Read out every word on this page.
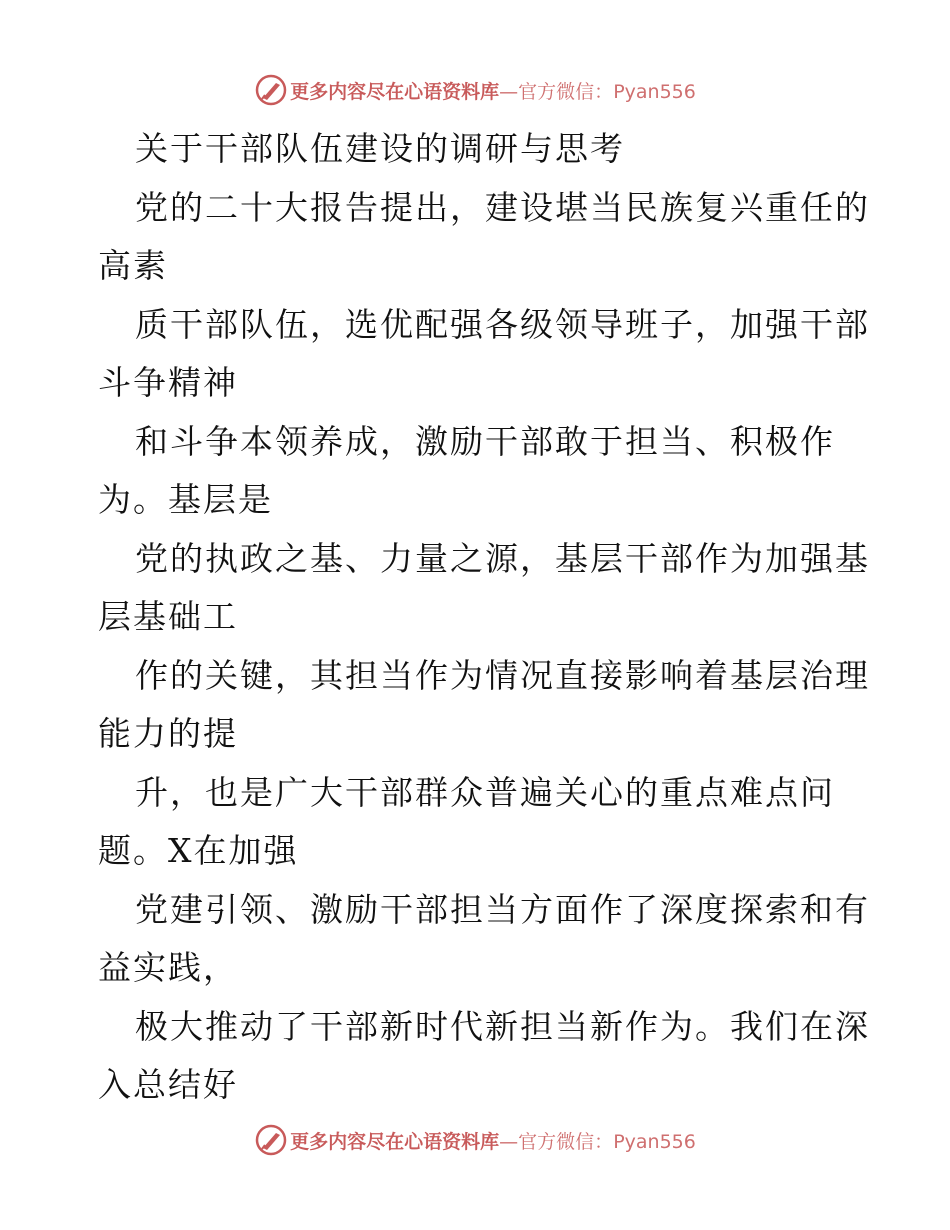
更多内容尽在心语资料库—官方微信：Pyan556
关于干部队伍建设的调研与思考
党的二十大报告提出，建设堪当民族复兴重任的
高素
质干部队伍，选优配强各级领导班子，加强干部
斗争精神
和斗争本领养成，激励干部敢于担当、积极作
为。基层是
党的执政之基、力量之源，基层干部作为加强基
层基础工
作的关键，其担当作为情况直接影响着基层治理
能力的提
升，也是广大干部群众普遍关心的重点难点问
题。X在加强
党建引领、激励干部担当方面作了深度探索和有
益实践，
极大推动了干部新时代新担当新作为。我们在深
入总结好
更多内容尽在心语资料库—官方微信：Pyan556
